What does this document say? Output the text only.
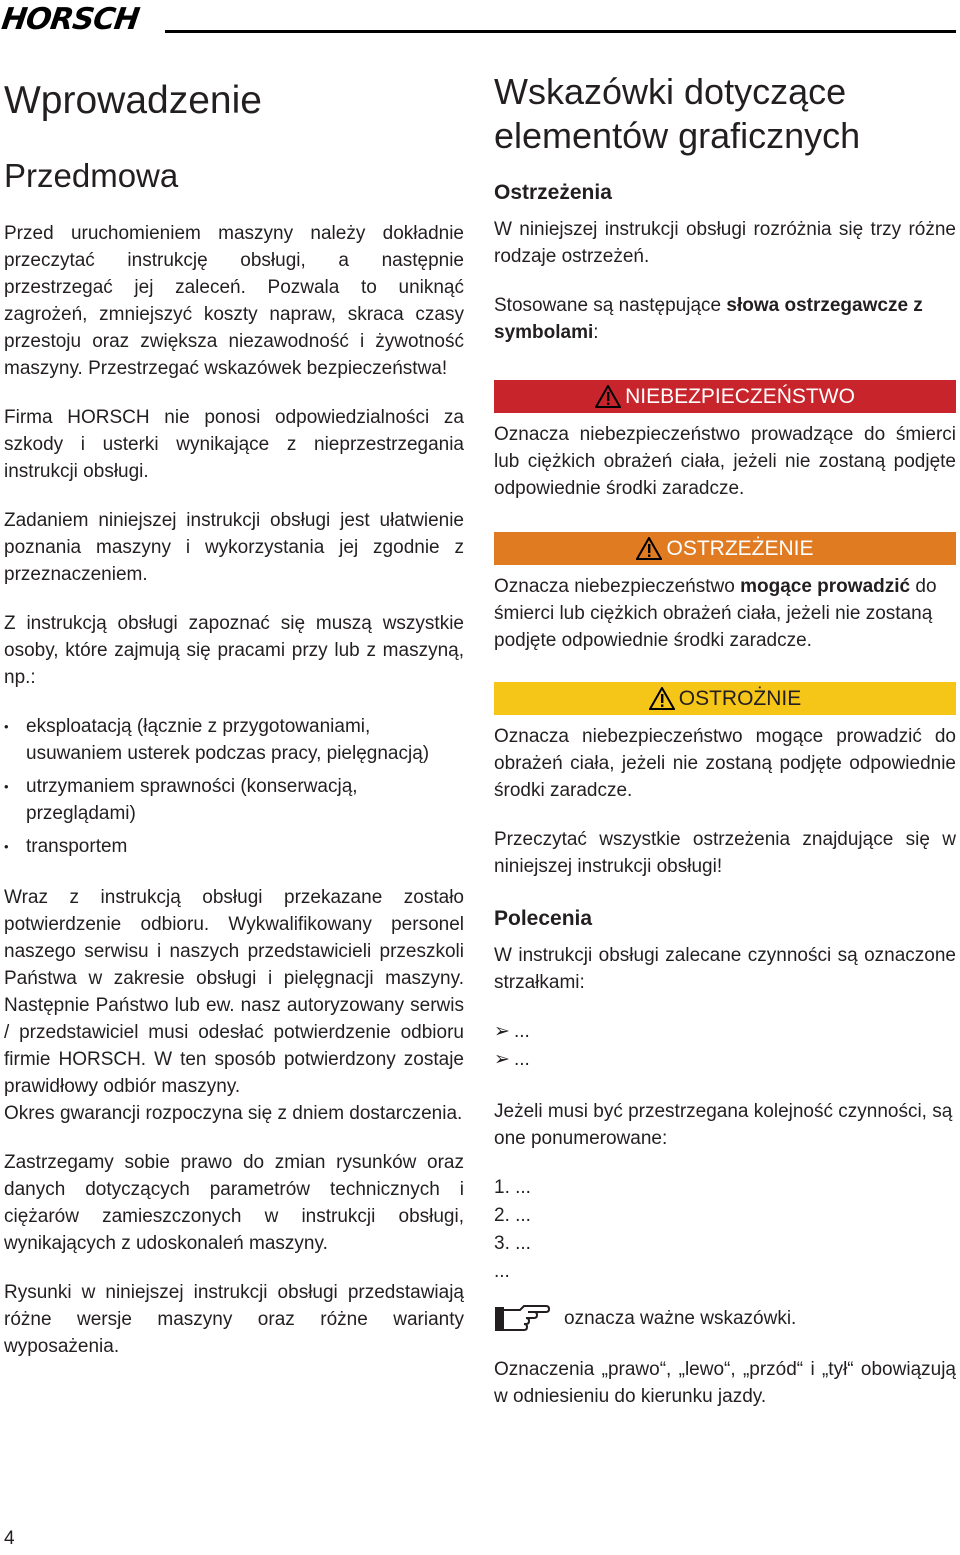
HORSCH
Wprowadzenie
Przedmowa

Przed uruchomieniem maszyny należy dokładnie przeczytać instrukcję obsługi, a następnie przestrzegać jej zaleceń. Pozwala to uniknąć zagrożeń, zmniejszyć koszty napraw, skraca czasy przestoju oraz zwiększa niezawodność i żywotność maszyny. Przestrzegać wskazówek bezpieczeństwa!

Firma HORSCH nie ponosi odpowiedzialności za szkody i usterki wynikające z nieprzestrzegania instrukcji obsługi.

Zadaniem niniejszej instrukcji obsługi jest ułatwienie poznania maszyny i wykorzystania jej zgodnie z przeznaczeniem.

Z instrukcją obsługi zapoznać się muszą wszystkie osoby, które zajmują się pracami przy lub z maszyną, np.:

• eksploatacją (łącznie z przygotowaniami, usuwaniem usterek podczas pracy, pielęgnacją)
• utrzymaniem sprawności (konserwacją, przeglądami)
• transportem

Wraz z instrukcją obsługi przekazane zostało potwierdzenie odbioru. Wykwalifikowany personel naszego serwisu i naszych przedstawicieli przeszkoli Państwa w zakresie obsługi i pielęgnacji maszyny. Następnie Państwo lub ew. nasz autoryzowany serwis / przedstawiciel musi odesłać potwierdzenie odbioru firmie HORSCH. W ten sposób potwierdzony zostaje prawidłowy odbiór maszyny.

Okres gwarancji rozpoczyna się z dniem dostarczenia.

Zastrzegamy sobie prawo do zmian rysunków oraz danych dotyczących parametrów technicznych i ciężarów zamieszczonych w instrukcji obsługi, wynikających z udoskonaleń maszyny.

Rysunki w niniejszej instrukcji obsługi przedstawiają różne wersje maszyny oraz różne warianty wyposażenia.

Wskazówki dotyczące elementów graficznych
Ostrzeżenia

W niniejszej instrukcji obsługi rozróżnia się trzy różne rodzaje ostrzeżeń.

Stosowane są następujące słowa ostrzegawcze z symbolami:

NIEBEZPIECZEŃSTWO

Oznacza niebezpieczeństwo prowadzące do śmierci lub ciężkich obrażeń ciała, jeżeli nie zostaną podjęte odpowiednie środki zaradcze.

OSTRZEŻENIE

Oznacza niebezpieczeństwo mogące prowadzić do śmierci lub ciężkich obrażeń ciała, jeżeli nie zostaną podjęte odpowiednie środki zaradcze.

OSTROŻNIE

Oznacza niebezpieczeństwo mogące prowadzić do obrażeń ciała, jeżeli nie zostaną podjęte odpowiednie środki zaradcze.

Przeczytać wszystkie ostrzeżenia znajdujące się w niniejszej instrukcji obsługi!

Polecenia

W instrukcji obsługi zalecane czynności są oznaczone strzałkami:

➢ ...
➢ ...

Jeżeli musi być przestrzegana kolejność czynności, są one ponumerowane:

1. ...
2. ...
3. ...
...
oznacza ważne wskazówki.

Oznaczenia „prawo“, „lewo“, „przód“ i „tył“ obowiązują w odniesieniu do kierunku jazdy.

4
